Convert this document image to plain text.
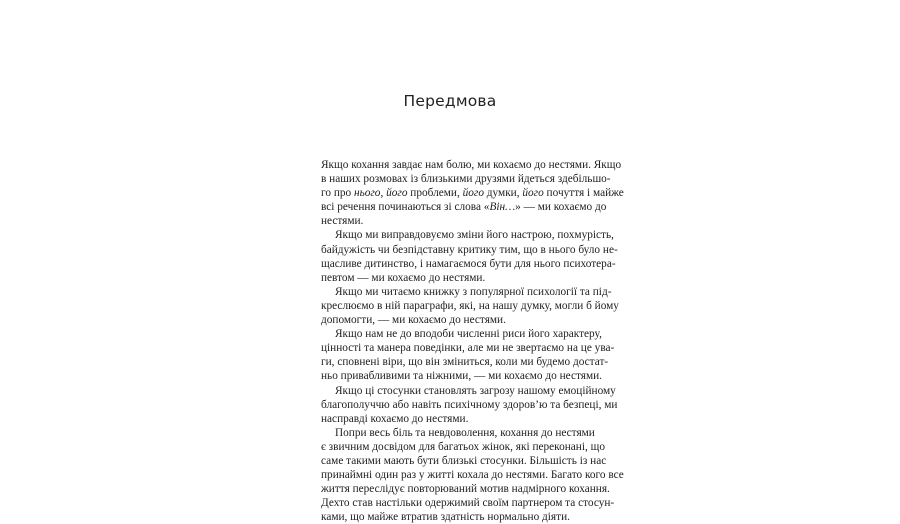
Передмова
Якщо кохання завдає нам болю, ми кохаємо до нестями. Якщо
в наших розмовах із близькими друзями йдеться здебільшо-
го про нього, його проблеми, його думки, його почуття і майже
всі речення починаються зі слова «Він…» — ми кохаємо до
нестями.
Якщо ми виправдовуємо зміни його настрою, похмурість,
байдужість чи безпідставну критику тим, що в нього було не-
щасливе дитинство, і намагаємося бути для нього психотера-
певтом — ми кохаємо до нестями.
Якщо ми читаємо книжку з популярної психології та під-
креслюємо в ній параграфи, які, на нашу думку, могли б йому
допомогти, — ми кохаємо до нестями.
Якщо нам не до вподоби численні риси його характеру,
цінності та манера поведінки, але ми не звертаємо на це ува-
ги, сповнені віри, що він зміниться, коли ми будемо достат-
ньо привабливими та ніжними, — ми кохаємо до нестями.
Якщо ці стосунки становлять загрозу нашому емоційному
благополуччю або навіть психічному здоров’ю та безпеці, ми
насправді кохаємо до нестями.
Попри весь біль та невдоволення, кохання до нестями
є звичним досвідом для багатьох жінок, які переконані, що
саме такими мають бути близькі стосунки. Більшість із нас
принаймні один раз у житті кохала до нестями. Багато кого все
життя переслідує повторюваний мотив надмірного кохання.
Дехто став настільки одержимий своїм партнером та стосун-
ками, що майже втратив здатність нормально діяти.
